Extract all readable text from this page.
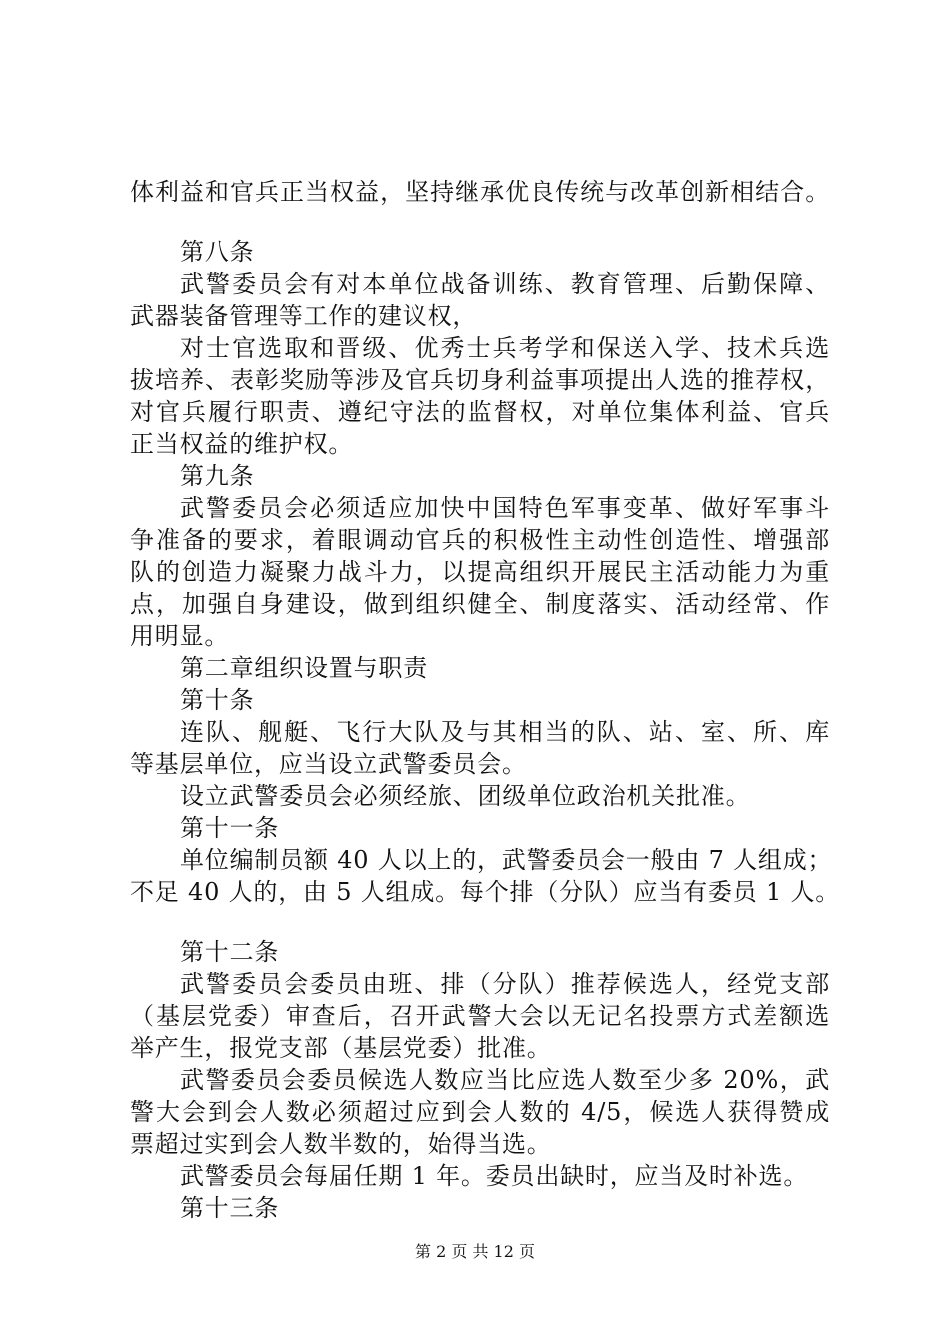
体利益和官兵正当权益，坚持继承优良传统与改革创新相结合。
第八条
武警委员会有对本单位战备训练、教育管理、后勤保障、
武器装备管理等工作的建议权，
对士官选取和晋级、优秀士兵考学和保送入学、技术兵选
拔培养、表彰奖励等涉及官兵切身利益事项提出人选的推荐权，
对官兵履行职责、遵纪守法的监督权，对单位集体利益、官兵
正当权益的维护权。
第九条
武警委员会必须适应加快中国特色军事变革、做好军事斗
争准备的要求，着眼调动官兵的积极性主动性创造性、增强部
队的创造力凝聚力战斗力，以提高组织开展民主活动能力为重
点，加强自身建设，做到组织健全、制度落实、活动经常、作
用明显。
第二章组织设置与职责
第十条
连队、舰艇、飞行大队及与其相当的队、站、室、所、库
等基层单位，应当设立武警委员会。
设立武警委员会必须经旅、团级单位政治机关批准。
第十一条
单位编制员额 40 人以上的，武警委员会一般由 7 人组成；
不足 40 人的，由 5 人组成。每个排（分队）应当有委员 1 人。
第十二条
武警委员会委员由班、排（分队）推荐候选人，经党支部
（基层党委）审查后，召开武警大会以无记名投票方式差额选
举产生，报党支部（基层党委）批准。
武警委员会委员候选人数应当比应选人数至少多 20%，武
警大会到会人数必须超过应到会人数的 4/5，候选人获得赞成
票超过实到会人数半数的，始得当选。
武警委员会每届任期 1 年。委员出缺时，应当及时补选。
第十三条
第 2 页 共 12 页
